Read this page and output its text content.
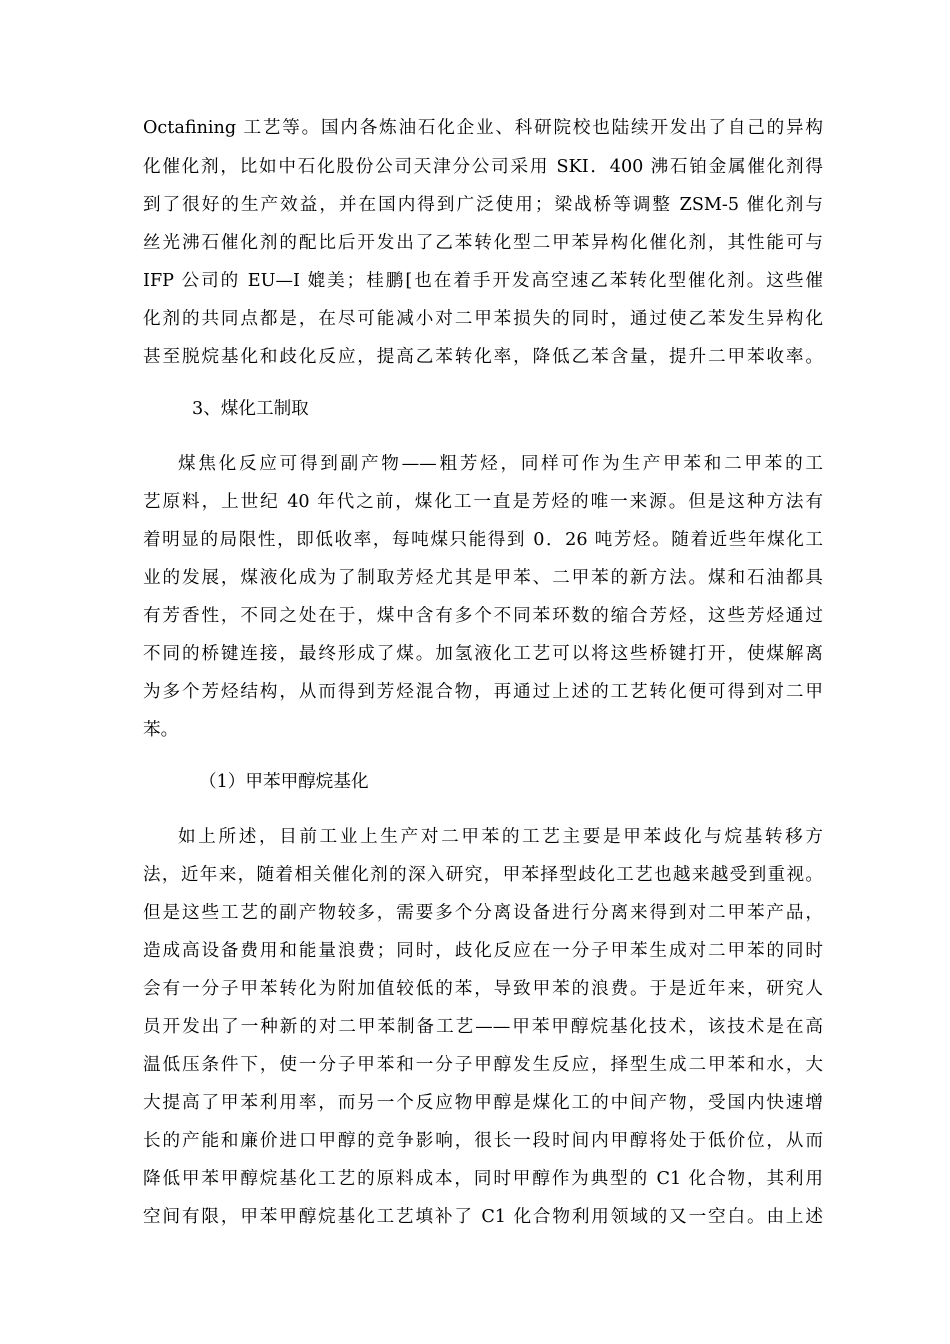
Octafining 工艺等。国内各炼油石化企业、科研院校也陆续开发出了自己的异构
化催化剂，比如中石化股份公司天津分公司采用 SKI．400 沸石铂金属催化剂得
到了很好的生产效益，并在国内得到广泛使用；梁战桥等调整 ZSM-5 催化剂与
丝光沸石催化剂的配比后开发出了乙苯转化型二甲苯异构化催化剂，其性能可与
IFP 公司的 EU—I 媲美；桂鹏[也在着手开发高空速乙苯转化型催化剂。这些催
化剂的共同点都是，在尽可能减小对二甲苯损失的同时，通过使乙苯发生异构化
甚至脱烷基化和歧化反应，提高乙苯转化率，降低乙苯含量，提升二甲苯收率。
3、煤化工制取
煤焦化反应可得到副产物——粗芳烃，同样可作为生产甲苯和二甲苯的工
艺原料，上世纪 40 年代之前，煤化工一直是芳烃的唯一来源。但是这种方法有
着明显的局限性，即低收率，每吨煤只能得到 0．26 吨芳烃。随着近些年煤化工
业的发展，煤液化成为了制取芳烃尤其是甲苯、二甲苯的新方法。煤和石油都具
有芳香性，不同之处在于，煤中含有多个不同苯环数的缩合芳烃，这些芳烃通过
不同的桥键连接，最终形成了煤。加氢液化工艺可以将这些桥键打开，使煤解离
为多个芳烃结构，从而得到芳烃混合物，再通过上述的工艺转化便可得到对二甲
苯。
（1）甲苯甲醇烷基化
如上所述，目前工业上生产对二甲苯的工艺主要是甲苯歧化与烷基转移方
法，近年来，随着相关催化剂的深入研究，甲苯择型歧化工艺也越来越受到重视。
但是这些工艺的副产物较多，需要多个分离设备进行分离来得到对二甲苯产品，
造成高设备费用和能量浪费；同时，歧化反应在一分子甲苯生成对二甲苯的同时
会有一分子甲苯转化为附加值较低的苯，导致甲苯的浪费。于是近年来，研究人
员开发出了一种新的对二甲苯制备工艺——甲苯甲醇烷基化技术，该技术是在高
温低压条件下，使一分子甲苯和一分子甲醇发生反应，择型生成二甲苯和水，大
大提高了甲苯利用率，而另一个反应物甲醇是煤化工的中间产物，受国内快速增
长的产能和廉价进口甲醇的竞争影响，很长一段时间内甲醇将处于低价位，从而
降低甲苯甲醇烷基化工艺的原料成本，同时甲醇作为典型的 C1 化合物，其利用
空间有限，甲苯甲醇烷基化工艺填补了 C1 化合物利用领域的又一空白。由上述
